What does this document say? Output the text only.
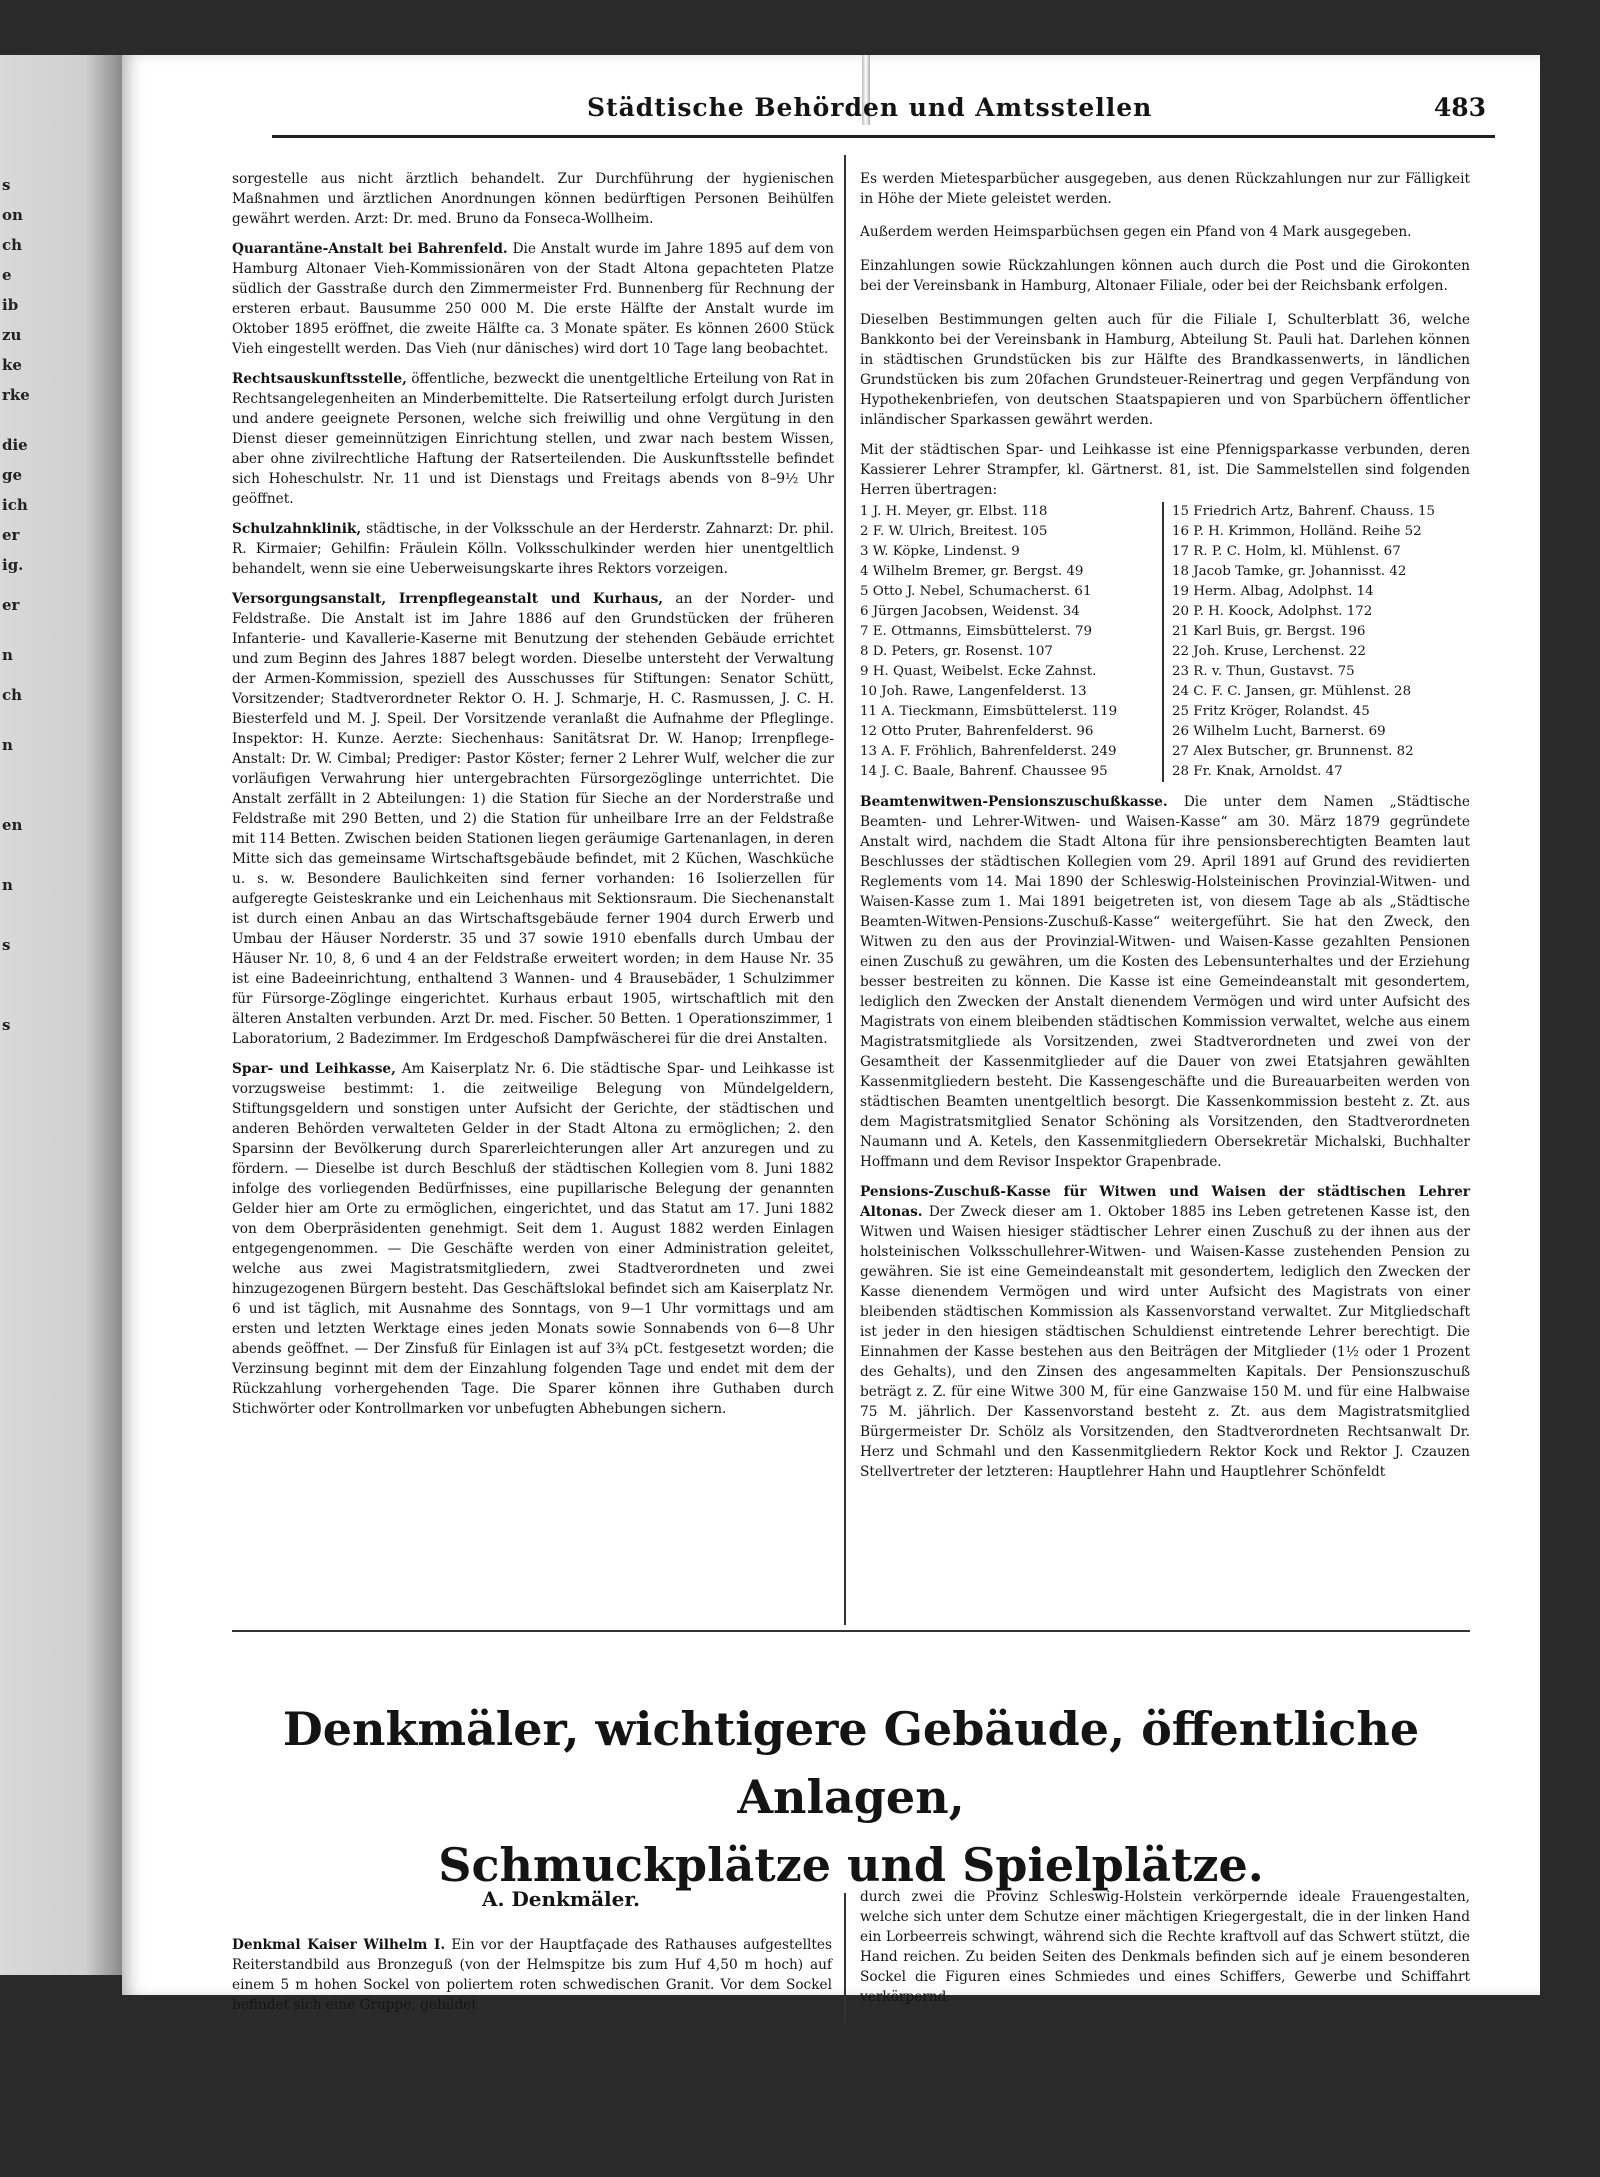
s
on
ch
e
ib
zu
ke
rke
die
ge
ich
er
ig.
er
n
ch
n
en
n
s
s
Städtische Behörden und Amtsstellen	483

sorgestelle aus nicht ärztlich behandelt. Zur Durchführung der hygienischen Maßnahmen und ärztlichen Anordnungen können bedürftigen Personen Beihülfen gewährt werden. Arzt: Dr. med. Bruno da Fonseca-Wollheim.

Quarantäne-Anstalt bei Bahrenfeld. Die Anstalt wurde im Jahre 1895 auf dem von Hamburg Altonaer Vieh-Kommissionären von der Stadt Altona gepachteten Platze südlich der Gasstraße durch den Zimmermeister Frd. Bunnenberg für Rechnung der ersteren erbaut. Bausumme 250 000 M. Die erste Hälfte der Anstalt wurde im Oktober 1895 eröffnet, die zweite Hälfte ca. 3 Monate später. Es können 2600 Stück Vieh eingestellt werden. Das Vieh (nur dänisches) wird dort 10 Tage lang beobachtet.

Rechtsauskunftsstelle, öffentliche, bezweckt die unentgeltliche Erteilung von Rat in Rechtsangelegenheiten an Minderbemittelte. Die Ratserteilung erfolgt durch Juristen und andere geeignete Personen, welche sich freiwillig und ohne Vergütung in den Dienst dieser gemeinnützigen Einrichtung stellen, und zwar nach bestem Wissen, aber ohne zivilrechtliche Haftung der Ratserteilenden. Die Auskunftsstelle befindet sich Hoheschulstr. Nr. 11 und ist Dienstags und Freitags abends von 8–9½ Uhr geöffnet.

Schulzahnklinik, städtische, in der Volksschule an der Herderstr. Zahnarzt: Dr. phil. R. Kirmaier; Gehilfin: Fräulein Kölln. Volksschulkinder werden hier unentgeltlich behandelt, wenn sie eine Ueberweisungskarte ihres Rektors vorzeigen.

Versorgungsanstalt, Irrenpflegeanstalt und Kurhaus, an der Norder- und Feldstraße. Die Anstalt ist im Jahre 1886 auf den Grundstücken der früheren Infanterie- und Kavallerie-Kaserne mit Benutzung der stehenden Gebäude errichtet und zum Beginn des Jahres 1887 belegt worden. Dieselbe untersteht der Verwaltung der Armen-Kommission, speziell des Ausschusses für Stiftungen: Senator Schütt, Vorsitzender; Stadtverordneter Rektor O. H. J. Schmarje, H. C. Rasmussen, J. C. H. Biesterfeld und M. J. Speil. Der Vorsitzende veranlaßt die Aufnahme der Pfleglinge. Inspektor: H. Kunze. Aerzte: Siechenhaus: Sanitätsrat Dr. W. Hanop; Irrenpflege-Anstalt: Dr. W. Cimbal; Prediger: Pastor Köster; ferner 2 Lehrer Wulf, welcher die zur vorläufigen Verwahrung hier untergebrachten Fürsorgezöglinge unterrichtet. Die Anstalt zerfällt in 2 Abteilungen: 1) die Station für Sieche an der Norderstraße und Feldstraße mit 290 Betten, und 2) die Station für unheilbare Irre an der Feldstraße mit 114 Betten. Zwischen beiden Stationen liegen geräumige Gartenanlagen, in deren Mitte sich das gemeinsame Wirtschaftsgebäude befindet, mit 2 Küchen, Waschküche u. s. w. Besondere Baulichkeiten sind ferner vorhanden: 16 Isolierzellen für aufgeregte Geisteskranke und ein Leichenhaus mit Sektionsraum. Die Siechenanstalt ist durch einen Anbau an das Wirtschaftsgebäude ferner 1904 durch Erwerb und Umbau der Häuser Norderstr. 35 und 37 sowie 1910 ebenfalls durch Umbau der Häuser Nr. 10, 8, 6 und 4 an der Feldstraße erweitert worden; in dem Hause Nr. 35 ist eine Badeeinrichtung, enthaltend 3 Wannen- und 4 Brausebäder, 1 Schulzimmer für Fürsorge-Zöglinge eingerichtet. Kurhaus erbaut 1905, wirtschaftlich mit den älteren Anstalten verbunden. Arzt Dr. med. Fischer. 50 Betten. 1 Operationszimmer, 1 Laboratorium, 2 Badezimmer. Im Erdgeschoß Dampfwäscherei für die drei Anstalten.

Spar- und Leihkasse, Am Kaiserplatz Nr. 6. Die städtische Spar- und Leihkasse ist vorzugsweise bestimmt: 1. die zeitweilige Belegung von Mündelgeldern, Stiftungsgeldern und sonstigen unter Aufsicht der Gerichte, der städtischen und anderen Behörden verwalteten Gelder in der Stadt Altona zu ermöglichen; 2. den Sparsinn der Bevölkerung durch Sparerleichterungen aller Art anzuregen und zu fördern. — Dieselbe ist durch Beschluß der städtischen Kollegien vom 8. Juni 1882 infolge des vorliegenden Bedürfnisses, eine pupillarische Belegung der genannten Gelder hier am Orte zu ermöglichen, eingerichtet, und das Statut am 17. Juni 1882 von dem Oberpräsidenten genehmigt. Seit dem 1. August 1882 werden Einlagen entgegengenommen. — Die Geschäfte werden von einer Administration geleitet, welche aus zwei Magistratsmitgliedern, zwei Stadtverordneten und zwei hinzugezogenen Bürgern besteht. Das Geschäftslokal befindet sich am Kaiserplatz Nr. 6 und ist täglich, mit Ausnahme des Sonntags, von 9—1 Uhr vormittags und am ersten und letzten Werktage eines jeden Monats sowie Sonnabends von 6—8 Uhr abends geöffnet. — Der Zinsfuß für Einlagen ist auf 3¾ pCt. festgesetzt worden; die Verzinsung beginnt mit dem der Einzahlung folgenden Tage und endet mit dem der Rückzahlung vorhergehenden Tage. Die Sparer können ihre Guthaben durch Stichwörter oder Kontrollmarken vor unbefugten Abhebungen sichern.

Es werden Mietesparbücher ausgegeben, aus denen Rückzahlungen nur zur Fälligkeit in Höhe der Miete geleistet werden.

Außerdem werden Heimsparbüchsen gegen ein Pfand von 4 Mark ausgegeben.

Einzahlungen sowie Rückzahlungen können auch durch die Post und die Girokonten bei der Vereinsbank in Hamburg, Altonaer Filiale, oder bei der Reichsbank erfolgen.

Dieselben Bestimmungen gelten auch für die Filiale I, Schulterblatt 36, welche Bankkonto bei der Vereinsbank in Hamburg, Abteilung St. Pauli hat. Darlehen können in städtischen Grundstücken bis zur Hälfte des Brandkassenwerts, in ländlichen Grundstücken bis zum 20fachen Grundsteuer-Reinertrag und gegen Verpfändung von Hypothekenbriefen, von deutschen Staatspapieren und von Sparbüchern öffentlicher inländischer Sparkassen gewährt werden.

Mit der städtischen Spar- und Leihkasse ist eine Pfennigsparkasse verbunden, deren Kassierer Lehrer Strampfer, kl. Gärtnerst. 81, ist. Die Sammelstellen sind folgenden Herren übertragen:

1 J. H. Meyer, gr. Elbst. 118
2 F. W. Ulrich, Breitest. 105
3 W. Köpke, Lindenst. 9
4 Wilhelm Bremer, gr. Bergst. 49
5 Otto J. Nebel, Schumacherst. 61
6 Jürgen Jacobsen, Weidenst. 34
7 E. Ottmanns, Eimsbüttelerst. 79
8 D. Peters, gr. Rosenst. 107
9 H. Quast, Weibelst. Ecke Zahnst.
10 Joh. Rawe, Langenfelderst. 13
11 A. Tieckmann, Eimsbüttelerst. 119
12 Otto Pruter, Bahrenfelderst. 96
13 A. F. Fröhlich, Bahrenfelderst. 249
14 J. C. Baale, Bahrenf. Chaussee 95
15 Friedrich Artz, Bahrenf. Chauss. 15
16 P. H. Krimmon, Holländ. Reihe 52
17 R. P. C. Holm, kl. Mühlenst. 67
18 Jacob Tamke, gr. Johannisst. 42
19 Herm. Albag, Adolphst. 14
20 P. H. Koock, Adolphst. 172
21 Karl Buis, gr. Bergst. 196
22 Joh. Kruse, Lerchenst. 22
23 R. v. Thun, Gustavst. 75
24 C. F. C. Jansen, gr. Mühlenst. 28
25 Fritz Kröger, Rolandst. 45
26 Wilhelm Lucht, Barnerst. 69
27 Alex Butscher, gr. Brunnenst. 82
28 Fr. Knak, Arnoldst. 47

Beamtenwitwen-Pensionszuschußkasse. Die unter dem Namen „Städtische Beamten- und Lehrer-Witwen- und Waisen-Kasse“ am 30. März 1879 gegründete Anstalt wird, nachdem die Stadt Altona für ihre pensionsberechtigten Beamten laut Beschlusses der städtischen Kollegien vom 29. April 1891 auf Grund des revidierten Reglements vom 14. Mai 1890 der Schleswig-Holsteinischen Provinzial-Witwen- und Waisen-Kasse zum 1. Mai 1891 beigetreten ist, von diesem Tage ab als „Städtische Beamten-Witwen-Pensions-Zuschuß-Kasse“ weitergeführt. Sie hat den Zweck, den Witwen zu den aus der Provinzial-Witwen- und Waisen-Kasse gezahlten Pensionen einen Zuschuß zu gewähren, um die Kosten des Lebensunterhaltes und der Erziehung besser bestreiten zu können. Die Kasse ist eine Gemeindeanstalt mit gesondertem, lediglich den Zwecken der Anstalt dienendem Vermögen und wird unter Aufsicht des Magistrats von einem bleibenden städtischen Kommission verwaltet, welche aus einem Magistratsmitgliede als Vorsitzenden, zwei Stadtverordneten und zwei von der Gesamtheit der Kassenmitglieder auf die Dauer von zwei Etatsjahren gewählten Kassenmitgliedern besteht. Die Kassengeschäfte und die Bureauarbeiten werden von städtischen Beamten unentgeltlich besorgt. Die Kassenkommission besteht z. Zt. aus dem Magistratsmitglied Senator Schöning als Vorsitzenden, den Stadtverordneten Naumann und A. Ketels, den Kassenmitgliedern Obersekretär Michalski, Buchhalter Hoffmann und dem Revisor Inspektor Grapenbrade.

Pensions-Zuschuß-Kasse für Witwen und Waisen der städtischen Lehrer Altonas. Der Zweck dieser am 1. Oktober 1885 ins Leben getretenen Kasse ist, den Witwen und Waisen hiesiger städtischer Lehrer einen Zuschuß zu der ihnen aus der holsteinischen Volksschullehrer-Witwen- und Waisen-Kasse zustehenden Pension zu gewähren. Sie ist eine Gemeindeanstalt mit gesondertem, lediglich den Zwecken der Kasse dienendem Vermögen und wird unter Aufsicht des Magistrats von einer bleibenden städtischen Kommission als Kassenvorstand verwaltet. Zur Mitgliedschaft ist jeder in den hiesigen städtischen Schuldienst eintretende Lehrer berechtigt. Die Einnahmen der Kasse bestehen aus den Beiträgen der Mitglieder (1½ oder 1 Prozent des Gehalts), und den Zinsen des angesammelten Kapitals. Der Pensionszuschuß beträgt z. Z. für eine Witwe 300 M, für eine Ganzwaise 150 M. und für eine Halbwaise 75 M. jährlich. Der Kassenvorstand besteht z. Zt. aus dem Magistratsmitglied Bürgermeister Dr. Schölz als Vorsitzenden, den Stadtverordneten Rechtsanwalt Dr. Herz und Schmahl und den Kassenmitgliedern Rektor Kock und Rektor J. Czauzen Stellvertreter der letzteren: Hauptlehrer Hahn und Hauptlehrer Schönfeldt

Denkmäler, wichtigere Gebäude, öffentliche Anlagen,
Schmuckplätze und Spielplätze.
A. Denkmäler.

Denkmal Kaiser Wilhelm I. Ein vor der Hauptfaçade des Rathauses aufgestelltes Reiterstandbild aus Bronzeguß (von der Helmspitze bis zum Huf 4,50 m hoch) auf einem 5 m hohen Sockel von poliertem roten schwedischen Granit. Vor dem Sockel befindet sich eine Gruppe, gebildet

durch zwei die Provinz Schleswig-Holstein verkörpernde ideale Frauengestalten, welche sich unter dem Schutze einer mächtigen Kriegergestalt, die in der linken Hand ein Lorbeerreis schwingt, während sich die Rechte kraftvoll auf das Schwert stützt, die Hand reichen. Zu beiden Seiten des Denkmals befinden sich auf je einem besonderen Sockel die Figuren eines Schmiedes und eines Schiffers, Gewerbe und Schiffahrt verkörpernd.
